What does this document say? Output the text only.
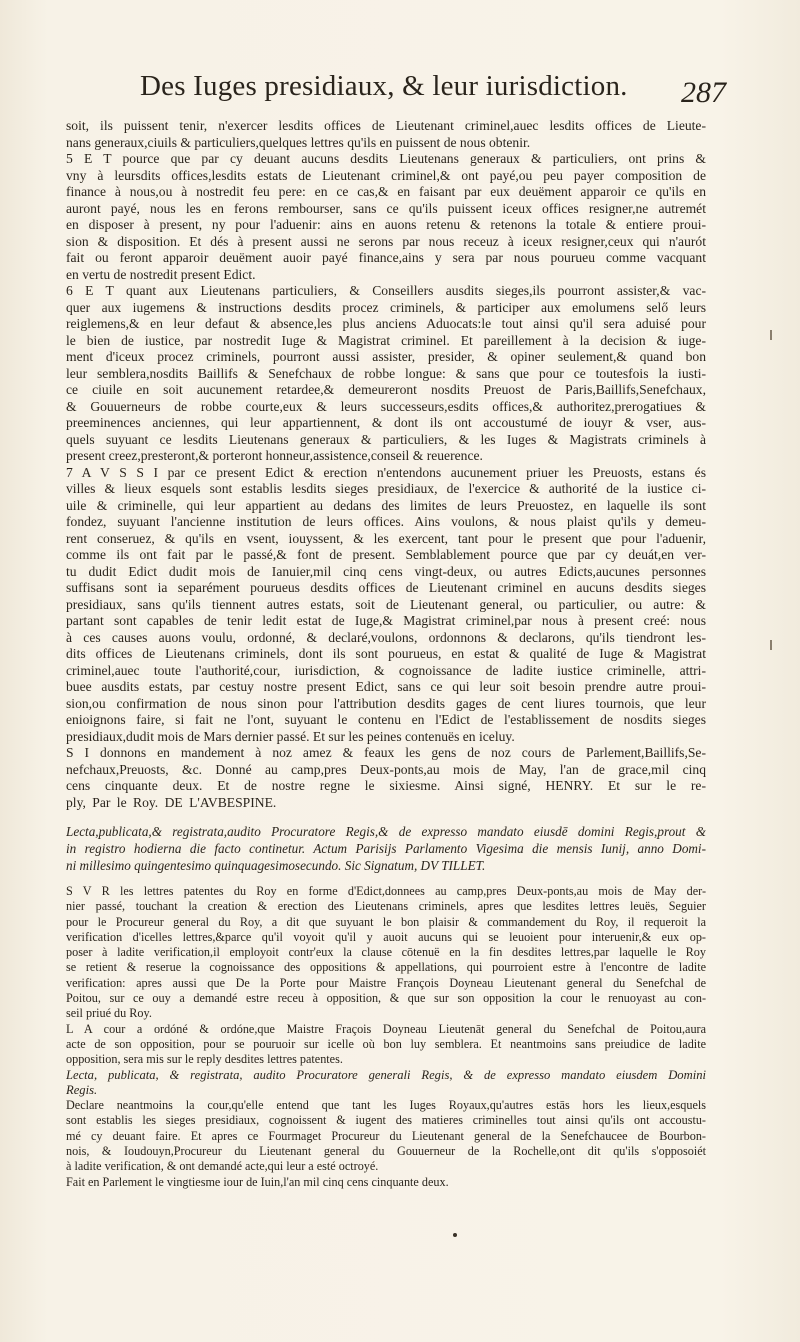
Des Iuges presidiaux, & leur iurisdiction.	287
soit, ils puissent tenir, n'exercer lesdits offices de Lieutenant criminel,auec lesdits offices de Lieute-
nans generaux,ciuils & particuliers,quelques lettres qu'ils en puissent de nous obtenir.
5 E T pource que par cy deuant aucuns desdits Lieutenans generaux & particuliers, ont prins &
vny à leursdits offices,lesdits estats de Lieutenant criminel,& ont payé,ou peu payer composition de
finance à nous,ou à nostredit feu pere: en ce cas,& en faisant par eux deuëment apparoir ce qu'ils en
auront payé, nous les en ferons rembourser, sans ce qu'ils puissent iceux offices resigner,ne autremét
en disposer à present, ny pour l'aduenir: ains en auons retenu & retenons la totale & entiere proui-
sion & disposition. Et dés à present aussi ne serons par nous receuz à iceux resigner,ceux qui n'aurót
fait ou feront apparoir deuëment auoir payé finance,ains y sera par nous pourueu comme vacquant
en vertu de nostredit present Edict.
6 E T quant aux Lieutenans particuliers, & Conseillers ausdits sieges,ils pourront assister,& vac-
quer aux iugemens & instructions desdits procez criminels, & participer aux emolumens selő leurs
reiglemens,& en leur defaut & absence,les plus anciens Aduocats:le tout ainsi qu'il sera aduisé pour
le bien de iustice, par nostredit Iuge & Magistrat criminel. Et pareillement à la decision & iuge-
ment d'iceux procez criminels, pourront aussi assister, presider, & opiner seulement,& quand bon
leur semblera,nosdits Baillifs & Senefchaux de robbe longue: & sans que pour ce toutesfois la iusti-
ce ciuile en soit aucunement retardee,& demeureront nosdits Preuost de Paris,Baillifs,Senefchaux,
& Gouuerneurs de robbe courte,eux & leurs successeurs,esdits offices,& authoritez,prerogatiues &
preeminences anciennes, qui leur appartiennent, & dont ils ont accoustumé de iouyr & vser, aus-
quels suyuant ce lesdits Lieutenans generaux & particuliers, & les Iuges & Magistrats criminels à
present creez,presteront,& porteront honneur,assistence,conseil & reuerence.
7 A V S S I par ce present Edict & erection n'entendons aucunement priuer les Preuosts, estans és
villes & lieux esquels sont establis lesdits sieges presidiaux, de l'exercice & authorité de la iustice ci-
uile & criminelle, qui leur appartient au dedans des limites de leurs Preuostez, en laquelle ils sont
fondez, suyuant l'ancienne institution de leurs offices. Ains voulons, & nous plaist qu'ils y demeu-
rent conseruez, & qu'ils en vsent, iouyssent, & les exercent, tant pour le present que pour l'aduenir,
comme ils ont fait par le passé,& font de present. Semblablement pource que par cy deuát,en ver-
tu dudit Edict dudit mois de Ianuier,mil cinq cens vingt-deux, ou autres Edicts,aucunes personnes
suffisans sont ia separément pourueus desdits offices de Lieutenant criminel en aucuns desdits sieges
presidiaux, sans qu'ils tiennent autres estats, soit de Lieutenant general, ou particulier, ou autre: &
partant sont capables de tenir ledit estat de Iuge,& Magistrat criminel,par nous à present creé: nous
à ces causes auons voulu, ordonné, & declaré,voulons, ordonnons & declarons, qu'ils tiendront les-
dits offices de Lieutenans criminels, dont ils sont pourueus, en estat & qualité de Iuge & Magistrat
criminel,auec toute l'authorité,cour, iurisdiction, & cognoissance de ladite iustice criminelle, attri-
buee ausdits estats, par cestuy nostre present Edict, sans ce qui leur soit besoin prendre autre proui-
sion,ou confirmation de nous sinon pour l'attribution desdits gages de cent liures tournois, que leur
enioignons faire, si fait ne l'ont, suyuant le contenu en l'Edict de l'establissement de nosdits sieges
presidiaux,dudit mois de Mars dernier passé. Et sur les peines contenuës en iceluy.
S I donnons en mandement à noz amez & feaux les gens de noz cours de Parlement,Baillifs,Se-
nefchaux,Preuosts, &c. Donné au camp,pres Deux-ponts,au mois de May, l'an de grace,mil cinq
cens cinquante deux. Et de nostre regne le sixiesme. Ainsi signé, HENRY. Et sur le re-
ply, Par le Roy. DE L'AVBESPINE.
Lecta,publicata,& registrata,audito Procuratore Regis,& de expresso mandato eiusdē domini Regis,prout &
in registro hodierna die facto continetur. Actum Parisijs Parlamento Vigesima die mensis Iunij, anno Domi-
ni millesimo quingentesimo quinquagesimosecundo. Sic Signatum, DV TILLET.
S V R les lettres patentes du Roy en forme d'Edict,donnees au camp,pres Deux-ponts,au mois de May der-
nier passé, touchant la creation & erection des Lieutenans criminels, apres que lesdites lettres leuës, Seguier
pour le Procureur general du Roy, a dit que suyuant le bon plaisir & commandement du Roy, il requeroit la
verification d'icelles lettres,&parce qu'il voyoit qu'il y auoit aucuns qui se leuoient pour interuenir,& eux op-
poser à ladite verification,il employoit contr'eux la clause cōtenuë en la fin desdites lettres,par laquelle le Roy
se retient & reserue la cognoissance des oppositions & appellations, qui pourroient estre à l'encontre de ladite
verification: apres aussi que De la Porte pour Maistre François Doyneau Lieutenant general du Senefchal de
Poitou, sur ce ouy a demandé estre receu à opposition, & que sur son opposition la cour le renuoyast au con-
seil priué du Roy.
L A cour a ordóné & ordóne,que Maistre Fraçois Doyneau Lieutenāt general du Senefchal de Poitou,aura
acte de son opposition, pour se pouruoir sur icelle où bon luy semblera. Et neantmoins sans preiudice de ladite
opposition, sera mis sur le reply desdites lettres patentes.
Lecta, publicata, & registrata, audito Procuratore generali Regis, & de expresso mandato eiusdem Domini
Regis.
Declare neantmoins la cour,qu'elle entend que tant les Iuges Royaux,qu'autres estās hors les lieux,esquels
sont establis les sieges presidiaux, cognoissent & iugent des matieres criminelles tout ainsi qu'ils ont accoustu-
mé cy deuant faire. Et apres ce Fourmaget Procureur du Lieutenant general de la Senefchaucee de Bourbon-
nois, & Ioudouyn,Procureur du Lieutenant general du Gouuerneur de la Rochelle,ont dit qu'ils s'opposoiét
à ladite verification, & ont demandé acte,qui leur a esté octroyé.
Fait en Parlement le vingtiesme iour de Iuin,l'an mil cinq cens cinquante deux.
